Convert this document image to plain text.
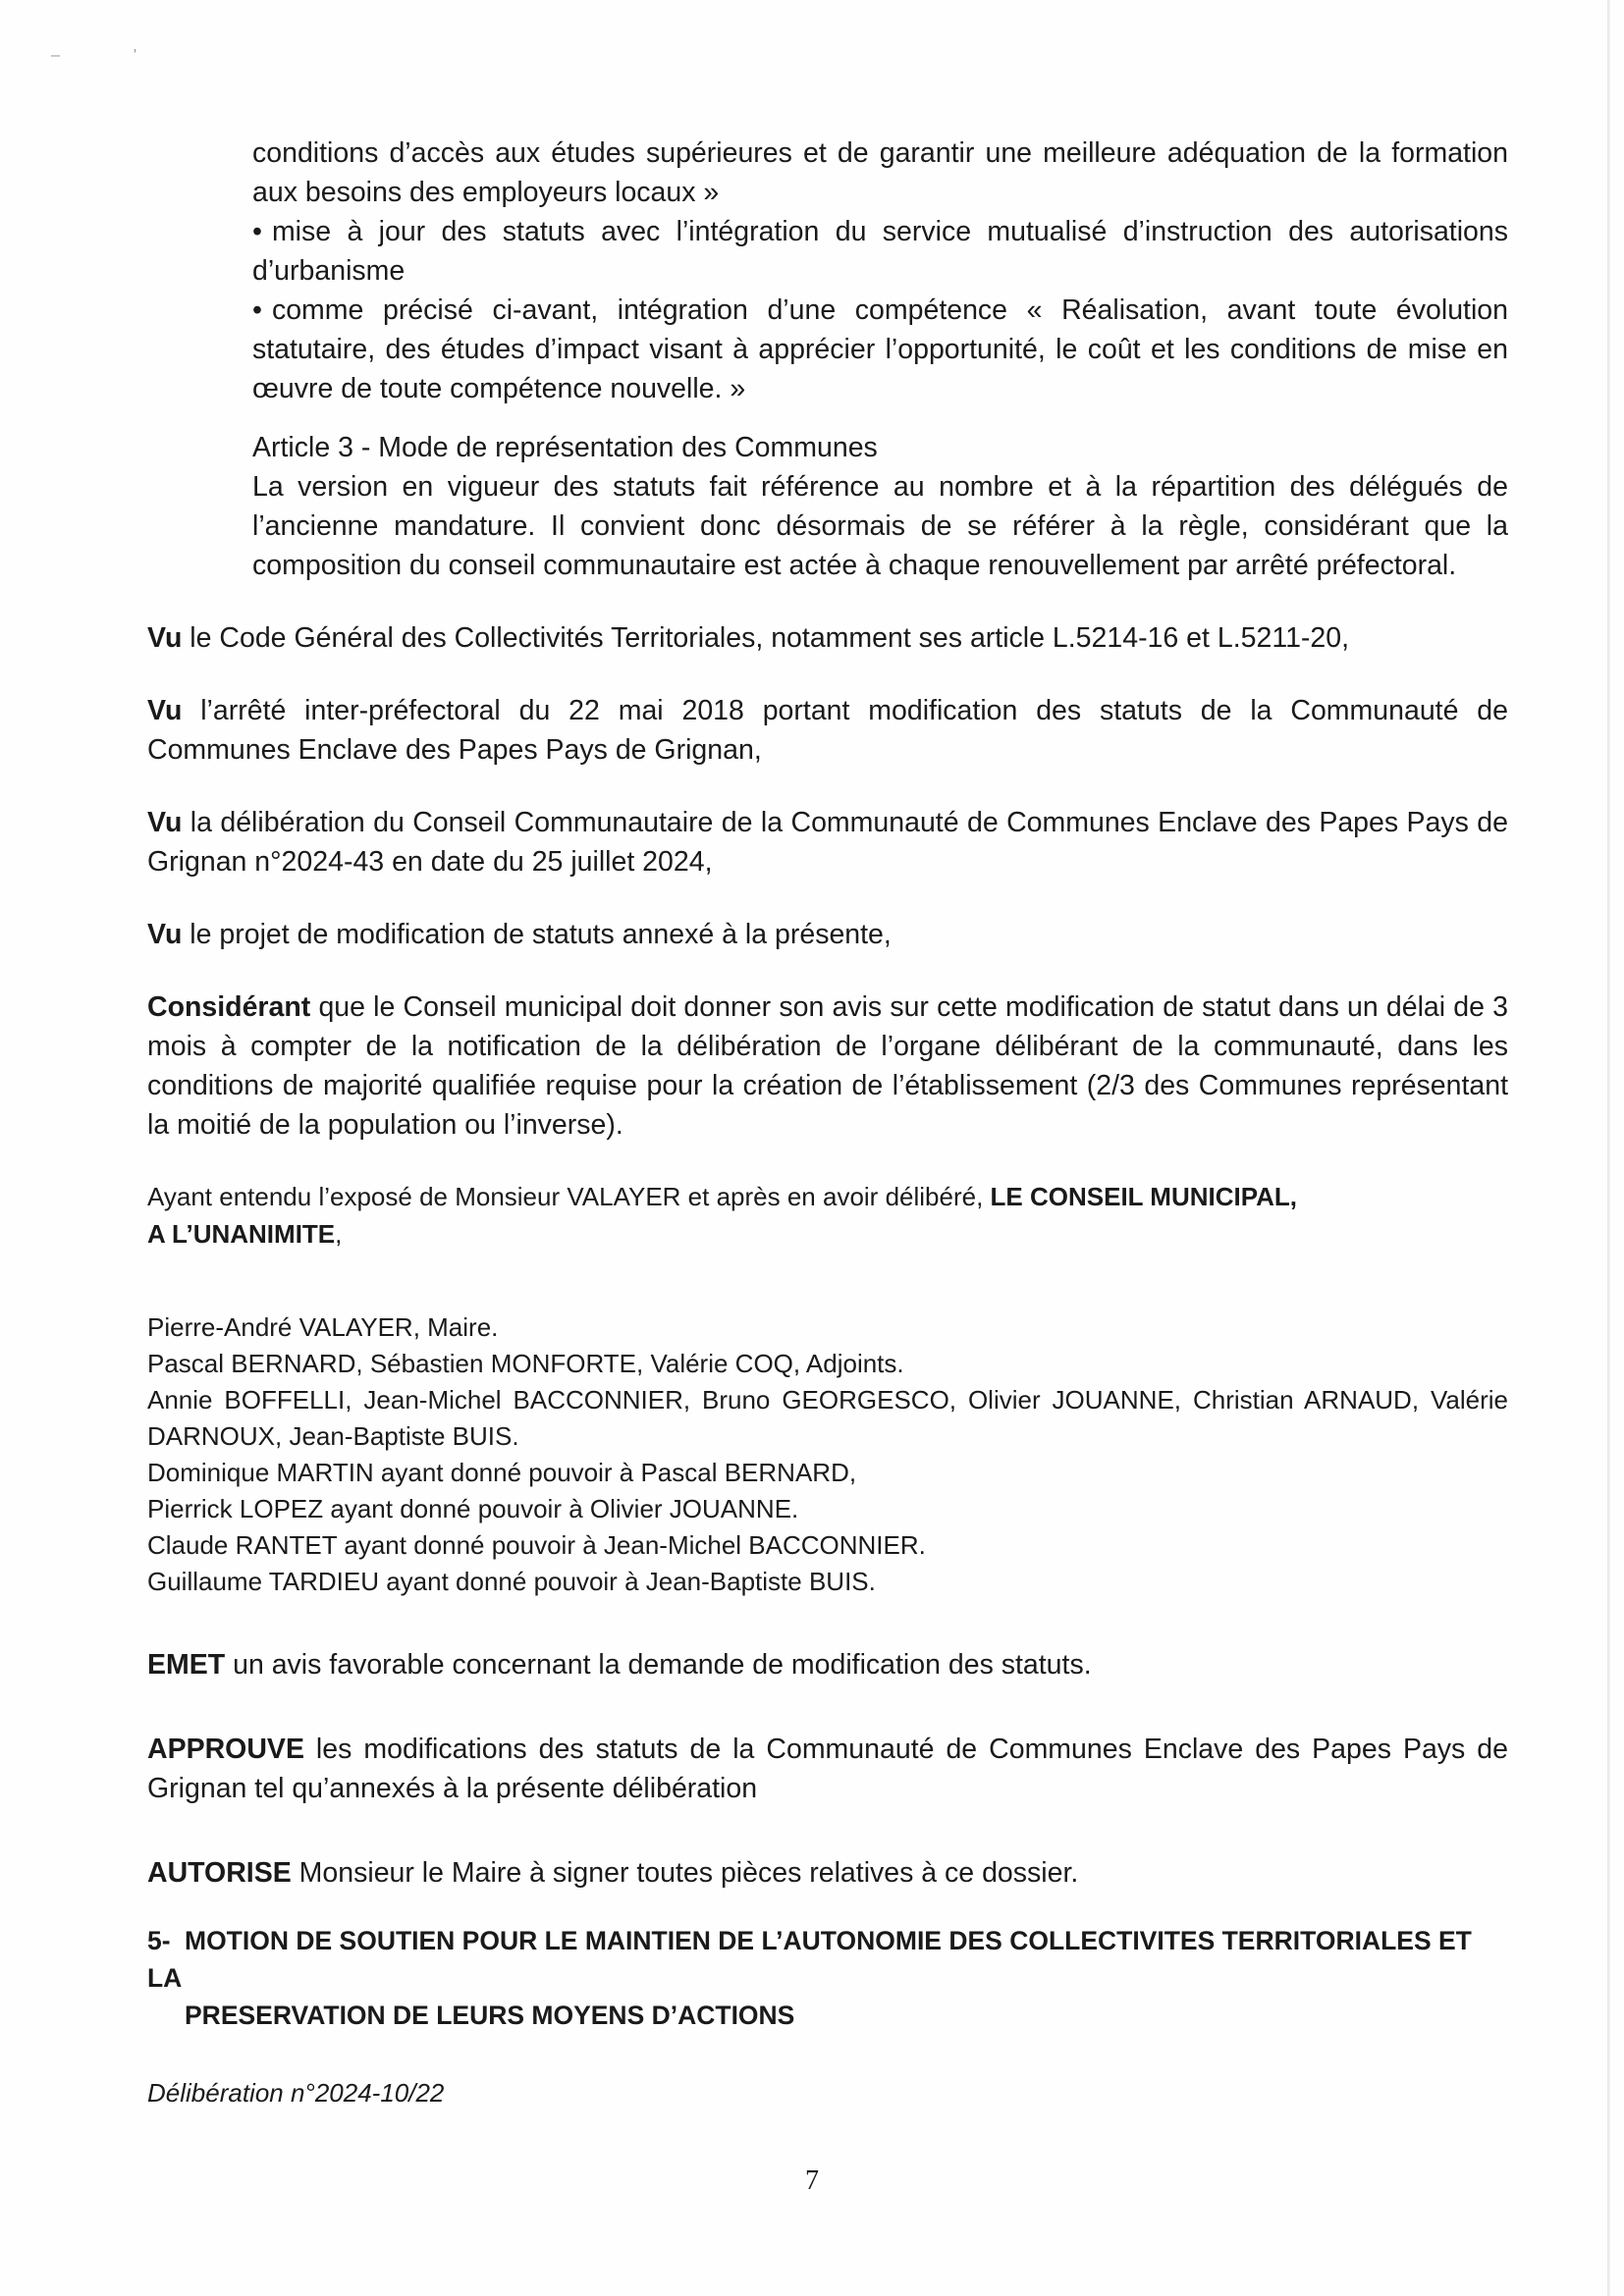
–	'

conditions d’accès aux études supérieures et de garantir une meilleure adéquation de la formation aux besoins des employeurs locaux »

• mise à jour des statuts avec l’intégration du service mutualisé d’instruction des autorisations d’urbanisme

• comme précisé ci-avant, intégration d’une compétence « Réalisation, avant toute évolution statutaire, des études d’impact visant à apprécier l’opportunité, le coût et les conditions de mise en œuvre de toute compétence nouvelle. »

Article 3 - Mode de représentation des Communes

La version en vigueur des statuts fait référence au nombre et à la répartition des délégués de l’ancienne mandature. Il convient donc désormais de se référer à la règle, considérant que la composition du conseil communautaire est actée à chaque renouvellement par arrêté préfectoral.

Vu le Code Général des Collectivités Territoriales, notamment ses article L.5214-16 et L.5211-20,

Vu l’arrêté inter-préfectoral du 22 mai 2018 portant modification des statuts de la Communauté de Communes Enclave des Papes Pays de Grignan,

Vu la délibération du Conseil Communautaire de la Communauté de Communes Enclave des Papes Pays de Grignan n°2024-43 en date du 25 juillet 2024,

Vu le projet de modification de statuts annexé à la présente,

Considérant que le Conseil municipal doit donner son avis sur cette modification de statut dans un délai de 3 mois à compter de la notification de la délibération de l’organe délibérant de la communauté, dans les conditions de majorité qualifiée requise pour la création de l’établissement (2/3 des Communes représentant la moitié de la population ou l’inverse).

Ayant entendu l’exposé de Monsieur VALAYER et après en avoir délibéré, LE CONSEIL MUNICIPAL,
A L’UNANIMITE,

Pierre-André VALAYER, Maire.

Pascal BERNARD, Sébastien MONFORTE, Valérie COQ, Adjoints.

Annie BOFFELLI, Jean-Michel BACCONNIER, Bruno GEORGESCO, Olivier JOUANNE, Christian ARNAUD, Valérie DARNOUX, Jean-Baptiste BUIS.

Dominique MARTIN ayant donné pouvoir à Pascal BERNARD,

Pierrick LOPEZ ayant donné pouvoir à Olivier JOUANNE.

Claude RANTET ayant donné pouvoir à Jean-Michel BACCONNIER.

Guillaume TARDIEU ayant donné pouvoir à Jean-Baptiste BUIS.

EMET un avis favorable concernant la demande de modification des statuts.

APPROUVE les modifications des statuts de la Communauté de Communes Enclave des Papes Pays de Grignan tel qu’annexés à la présente délibération

AUTORISE Monsieur le Maire à signer toutes pièces relatives à ce dossier.

5- MOTION DE SOUTIEN POUR LE MAINTIEN DE L’AUTONOMIE DES COLLECTIVITES TERRITORIALES ET LA
PRESERVATION DE LEURS MOYENS D’ACTIONS

Délibération n°2024-10/22

7
